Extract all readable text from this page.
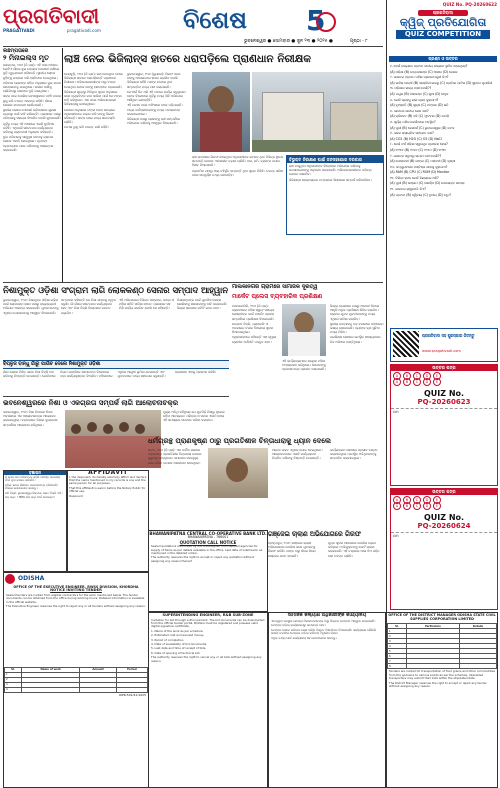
ପ୍ରଗତିବାଦୀ
PRAGATIVADI	pragativadi.com	ବିଶେଷ 5
ଭୁବନେଶ୍ୱର ● ସୋମବାର ● ଜୁନ ୨୩ ● ୨୦୨୫ ●	ପୃଷ୍ଠା - ୮
ଲଛମ୍ପତାରେ
୨ ମିନାଇଲ୍ସ ମୃତ

ଲଛମ୍ପତା, ୨୨ା୬ (ନି.ପ୍ର): ଏହି ଥାନା ଅଞ୍ଚଳର ଗୋଟିଏ ଗାଁରେ ଦୁଇ ନାବାଳକ ପୋଖରୀ ପାଣିରେ ବୁଡ଼ି ମୃତ୍ୟୁବରଣ କରିଛନ୍ତି। ସ୍ଥାନୀୟ ଲୋକେ ଦୁହିଙ୍କୁ ଉଦ୍ଧାର କରି ହସ୍ପିଟାଲ ନେଇଥିଲେ।

ପରିବାର ଲୋକଙ୍କ କହିବା ଅନୁସାରେ ଦୁଇ ବାଳକ ଗାଧୋଇବାକୁ ଯାଇଥିଲେ। ଗଭୀର ପାଣିକୁ ଚାଲିଯିବାରୁ ସେମାନେ ବୁଡ଼ି ଯାଇଥିଲେ।

ଖବର ପାଇ ପୋଲିସ ଘଟଣାସ୍ଥଳରେ ପହଞ୍ଚି ମାମଲା ରୁଜୁ କରି ତଦନ୍ତ ଆରମ୍ଭ କରିଛି। ଗାଁରେ ଶୋକର ବାତାବରଣ ଖେଳିଯାଇଛି।

ସ୍ଥାନୀୟ ଲୋକେ ପୋଖରୀ ଚାରିପାଖରେ ସୁରକ୍ଷା ବ୍ୟବସ୍ଥା ପାଇଁ ଦାବି କରିଛନ୍ତି। ପ୍ରଶାସନ ପକ୍ଷରୁ ପରିବାରକୁ ସହାୟତା ଦିଆଯିବ ବୋଲି କୁହାଯାଇଛି।

ପୂର୍ବରୁ ମଧ୍ୟ ଏହି ଅଞ୍ଚଳରେ ଏଭଳି ଦୁର୍ଘଟଣା ଘଟିଛି। ଏଥିପାଇଁ ସଚେତନତା କାର୍ଯ୍ୟକ୍ରମ କରିବାକୁ ଗ୍ରାମବାସୀ ଅନୁରୋଧ କରିଛନ୍ତି।

ଦୁଇ ପରିବାରକୁ ସାନ୍ତ୍ୱନା ଦେବାକୁ ଗ୍ରାମର ଲୋକେ ଏକାଠି ହୋଇଥିଲେ। ମୃତଦେହ ବ୍ୟବଚ୍ଛେଦ ପରେ ପରିବାରକୁ ହସ୍ତାନ୍ତର କରାଯାଇଛି।

ଲାଞ୍ଚ ନେଇ ଭିଜିଲାନ୍ସ ହାତରେ ଧରାପଡ଼ିଲେ ପ୍ରାଣଧାନ ନିରୀକ୍ଷକ

ବେଲାବୁଡ଼ି, ୨୨ା୬ (ନି.ପ୍ର): ଲାଞ୍ଚ ନେଉଥିବା ବେଳେ ଭିଜିଲାନ୍ସ ହାତରେ ଧରାପଡ଼ିଛନ୍ତି ପ୍ରାଣଧାନ ନିରୀକ୍ଷକ। ଅଭିଯୋଗକାରୀଙ୍କ ଠାରୁ ଟଙ୍କା ନେଉଥିବା ବେଳେ ତାଙ୍କୁ ହାତେହାତେ ଧରାଯାଇଛି।

ଭିଜିଲାନ୍ସ ସୂତ୍ରରୁ ମିଳିଥିବା ସୂଚନା ଅନୁସାରେ ଜଣେ ବ୍ୟକ୍ତିଙ୍କ କାମ ସାରିବା ପାଇଁ ସେ ଟଙ୍କା ଦାବି କରିଥିଲେ। ଏହା ପରେ ଅଭିଯୋଗକାରୀ ଭିଜିଲାନ୍ସକୁ ଜଣାଇଥିଲେ।

ଯୋଜନା ଅନୁସାରେ ଟଙ୍କା ଦେବା ସମୟରେ ଅଧିକାରୀମାନେ ଚଢ଼ାଉ କରି ତାଙ୍କୁ ଗିରଫ କରିଛନ୍ତି। ତାଙ୍କ ଘରେ ମଧ୍ୟ ଖାନତଲାସି ଚାଲିଛି।

ମାମଲା ରୁଜୁ କରି ତଦନ୍ତ ଜାରି ରହିଛି।

ଭୁବନେଶ୍ୱର, ୨୨ା୬ (ବ୍ୟୁରୋ): ଗିରଫ ପରେ ତାଙ୍କୁ ଆଦାଲତରେ ହାଜର କରାଯିବ ବୋଲି ଭିଜିଲାନ୍ସ କହିଛି। ତାଙ୍କ ନାମରେ ଥିବା ସମ୍ପତ୍ତିର ମଧ୍ୟ ଯାଞ୍ଚ କରାଯାଉଛି।

ସେ ଦୀର୍ଘ ଦିନ ଧରି ଏହି ପଦରେ କାର୍ଯ୍ୟ କରୁଥିଲେ। ତାଙ୍କ ବିରୋଧରେ ପୂର୍ବରୁ ମଧ୍ୟ କିଛି ଅଭିଯୋଗ ଆସିଥିବା ଜଣାପଡ଼ିଛି।

ଏହି ଘଟଣା ପରେ ଅଫିସରେ ଚହଳ ପଡ଼ିଯାଇଛି। ଅନ୍ୟ କର୍ମଚାରୀମାନଙ୍କୁ ମଧ୍ୟ ପଚରାଉଚରା କରାଯାଇପାରେ।

ଭିଜିଲାନ୍ସ ପକ୍ଷରୁ ଲୋକଙ୍କୁ ଲାଞ୍ଚ ସମ୍ପର୍କରେ ଅଭିଯୋଗ କରିବାକୁ ଆହ୍ୱାନ ଦିଆଯାଇଛି।

ଲାଞ୍ଚ ଘଟଣାରେ ଗିରଫ ହୋଇଥିବା ଅଧିକାରୀଙ୍କ ନାମରେ ଥିବା ବିଭିନ୍ନ ସ୍ଥାନର ସମ୍ପତ୍ତି ଉପରେ ଏକକାଳୀନ ଚଢ଼ାଉ ଚାଲିଛି। ଘର, ଜମି, ବ୍ୟାଙ୍କ ଜମାର ହିସାବ ନିଆଯାଉଛି।

ପ୍ରାଥମିକ ଯାଞ୍ଚରୁ ଆୟ ବହିର୍ଭୂତ ସମ୍ପତ୍ତି ଥିବା ସୂଚନା ମିଳିଛି। ତଦନ୍ତ ସରିବା ପରେ ସମ୍ପୂର୍ଣ୍ଣ ତଥ୍ୟ ଜଣାପଡ଼ିବ।

ବିଭୁକ୍ତ ନିରୀକ୍ଷଣ ପାଇଁ ଜନସହଯୋଗ ଦରକାର

ଲାଞ୍ଚ ମାଗୁଥିବା ଅଧିକାରୀଙ୍କ ବିରୋଧରେ ଅଭିଯୋଗ କରିବାକୁ ଜନସାଧାରଣଙ୍କୁ ଅନୁରୋଧ କରାଯାଇଛି। ଅଭିଯୋଗକାରୀଙ୍କ ପରିଚୟ ଗୋପନ ରଖାଯିବ।

ଭିଜିଲାନ୍ସ ହେଲ୍ପଲାଇନ ନମ୍ବରରେ ସିଧାସଳଖ ସମ୍ପର୍କ କରିପାରିବେ।

ନିଶାମୁକ୍ତ ଓଡ଼ିଶା ସଂଗ୍ରାମ ଲାଗି ଲୋକକଣ୍ଠ ସେନାର ସମ୍ପାଦ ଆହ୍ୱାନ

ଭୁବନେଶ୍ୱର, ୨୨ା୬: ନିଶାମୁକ୍ତ ଓଡ଼ିଶା ଗଢ଼ିବା ପାଇଁ ଲୋକକଣ୍ଠ ସେନା ପକ୍ଷରୁ ରାଜ୍ୟବ୍ୟାପୀ ଅଭିଯାନ ଆରମ୍ଭ କରାଯାଇଛି। ଯୁବକମାନଙ୍କୁ ଏଥିରେ ଯୋଗଦେବାକୁ ଆହ୍ୱାନ ଦିଆଯାଇଛି।

ସମ୍ପାଦକ କହିଛନ୍ତି ଯେ ନିଶା ସମାଜକୁ ଧ୍ୱଂସ କରୁଛି। ଗାଁ ଗାଁରେ ସଚେତନତା କାର୍ଯ୍ୟକ୍ରମ ହେବ ଏବଂ ନିଶା ବିକ୍ରି ବିରୋଧରେ ଜନମତ ଗଢ଼ାଯିବ।

ଏହି ଅଭିଯାନରେ ବିଭିନ୍ନ ସଙ୍ଗଠନ, ଛାତ୍ର ଓ ମହିଳା ସମିତି ସାମିଲ ହେବେ। ପ୍ରଶାସନ ସହ ମିଶି କାର୍ଯ୍ୟ କରାଯିବ ବୋଲି ସେ କହିଛନ୍ତି।

ନିଶାସକ୍ତଙ୍କ ପାଇଁ ପୁନର୍ବାସ କେନ୍ଦ୍ର ଖୋଲିବାକୁ ସରକାରଙ୍କୁ ଦାବି କରାଯାଇଛି। ଜିଲ୍ଲା ସ୍ତରରେ କମିଟି ଗଠନ ହେବ।

ବିପ୍ଳୁଜ ବାନ୍ଧୁ ଗାଁରୁ ପାଉଁଚ ଦେଲେ ନିଶାମୁକ୍ତ ଓଡ଼ିଶା

ଗାଁର ଲୋକେ ମିଳିତ ଭାବେ ନିଶା ବିକ୍ରି ବନ୍ଦ କରିବାକୁ ନିଷ୍ପତ୍ତି ନେଇଛନ୍ତି। ଯେଉଁମାନେ ନିୟମ ଭାଙ୍ଗିବେ ସେମାନଙ୍କ ବିରୋଧରେ କଡ଼ା କାର୍ଯ୍ୟାନୁଷ୍ଠାନ ନିଆଯିବ। ମହିଳାମାନେ ଏଥିରେ ଆଗୁଆ ଭୂମିକା ନେଇଛନ୍ତି ଏବଂ ଯୁବକମାନେ ମଧ୍ୟ ସହଯୋଗ କରୁଛନ୍ତି। ପ୍ରଶାସନ ଏହାକୁ ପ୍ରଶଂସା କରିଛି।

ମାଲକାନଗିରି ଗ୍ରାମରେ ସାମାଜିକ ଦୂରତ୍ୱ
ମାର୍କେଟ ପ୍ଲେସ ବ୍ୟବହାରିକ ପ୍ରଶିକ୍ଷଣ

ମାଲକାନଗିରି, ୨୨ା୬ (ନି.ପ୍ର): ଗ୍ରାମାଞ୍ଚଳର ମହିଳା ସ୍ୱୟଂ ସହାୟକ ଗୋଷ୍ଠୀଙ୍କ ପାଇଁ ମାର୍କେଟ ପ୍ଲେସ ସମ୍ପର୍କରେ ପ୍ରଶିକ୍ଷଣ ଦିଆଯାଇଛି।

ଉତ୍ପାଦ ବିକ୍ରି, ପ୍ୟାକେଜିଂ ଓ ଅନଲାଇନ ବଜାର ବିଷୟରେ ସୂଚନା ଦିଆଯାଇଥିଲା।

ଅଧିକାରୀମାନେ କହିଛନ୍ତି ଏହା ଦ୍ୱାରା ଗ୍ରାମୀଣ ଅର୍ଥନୀତି ମଜବୁତ ହେବ।

ଏହି କାର୍ଯ୍ୟକ୍ରମରେ ଶତାଧିକ ମହିଳା ଅଂଶଗ୍ରହଣ କରିଥିଲେ। ସେମାନଙ୍କୁ ପ୍ରମାଣପତ୍ର ପ୍ରଦାନ କରାଯାଇଛି।

ଜିଲ୍ଲା ପ୍ରଶାସନ ପକ୍ଷରୁ ଆଗାମୀ ଦିନରେ ଆହୁରି ଅଧିକ ପ୍ରଶିକ୍ଷଣ ଶିବିର କରାଯିବ। ଗ୍ରାମର ଯୁବକ ଯୁବତୀମାନଙ୍କୁ ମଧ୍ୟ ଏଥିରେ ସାମିଲ କରାଯିବ।

ସ୍ଥାନୀୟ ଉତ୍ପାଦକୁ ବଡ଼ ବଜାରରେ ପହଞ୍ଚାଇବା ଲକ୍ଷ୍ୟ ରଖାଯାଇଛି। ବ୍ୟାଙ୍କ ଋଣ ସୁବିଧା ମଧ୍ୟ ମିଳିବ।

ପ୍ରଶିକ୍ଷଣ ଶେଷରେ ଉପସ୍ଥିତ ସଦସ୍ୟମାନେ ନିଜ ଅଭିଜ୍ଞତା ବାଣ୍ଟିଥିଲେ।

ଭବନେଶ୍ୱରରେ ନିଶା ଓ ଏକଗ୍ରତା ସମ୍ପର୍କ ଲାଗି ଆଲୋଚନାଚକ୍ର

ଭବନେଶ୍ୱର, ୨୨ା୬: ନିଶା ନିବାରଣ ଦିବସ ଅବସରରେ ଏକ ଆଲୋଚନାଚକ୍ର ଆୟୋଜନ କରାଯାଇଥିଲା। ବକ୍ତାମାନେ ନିଶାର କୁପ୍ରଭାବ ସମ୍ପର୍କରେ ଆଲୋଚନା କରିଥିଲେ।

ମୁଖ୍ୟ ଅତିଥି କହିଥିଲେ ଯେ ଯୁବପିଢ଼ି ନିଶାରୁ ଦୂରେଇ ରହିବା ଆବଶ୍ୟକ। ପରିବାର ଓ ସମାଜ ଏକାଠି ହୋଇ ଏହି ସମସ୍ୟାର ସମାଧାନ କରିବା ଦରକାର।

ଧର୍ମଗ୍ରନ୍ଥ ପ୍ରାଣକୃଷ୍ଣ ଠାରୁ ପ୍ରଗତିଶୀଳ ଚିନ୍ତାଧାରାକୁ ଧ୍ୟାନ ଦେଲେ

କଟକ, ୨୨ା୬ (ନି.ପ୍ର): ଏକ ଧାର୍ମିକ ସଭାରେ ବକ୍ତାମାନେ ପ୍ରଗତିଶୀଳ ଚିନ୍ତାଧାରା ଉପରେ ଗୁରୁତ୍ୱ ଦେଇଥିଲେ। ସମାଜରେ ସମନ୍ୱୟ ରକ୍ଷା କରିବା ଉପରେ ଆଲୋଚନା ହୋଇଥିଲା।

ଅନେକ ଭକ୍ତ ଏଥିରେ ଯୋଗ ଦେଇଥିଲେ। ଆୟୋଜକମାନେ ଏଭଳି କାର୍ଯ୍ୟକ୍ରମ ନିୟମିତ କରିବାକୁ ନିଷ୍ପତ୍ତି ନେଇଛନ୍ତି।

କାର୍ଯ୍ୟକ୍ରମ ଶେଷରେ ପ୍ରସାଦ ବଣ୍ଟନ କରାଯାଇଥିଲା। ଉପସ୍ଥିତ ଅତିଥିମାନଙ୍କୁ ସମ୍ମାନିତ କରାଯାଇଥିଲା।

ବିଜ୍ଞାପନ

ମୁଁ ମୋର ନାମ ପରିବର୍ତ୍ତନ କରିଛି। ସମସ୍ତ ଉଦ୍ଦେଶ୍ୟ ପାଇଁ ନୂଆ ନାମରେ ଜଣାଯିବି।

ହଜିଲା: ମୋର ଶିକ୍ଷାଗତ ପ୍ରମାଣପତ୍ର ହଜିଯାଇଛି। ମିଳିଲେ ଯୋଗାଯୋଗ କରନ୍ତୁ।

ଜମି ବିକ୍ରି: ଭୁବନେଶ୍ୱର ନିକଟରେ ପ୍ଲଟ ବିକ୍ରି ଅଛି।

ଘର ଭଡ଼ା: ୨ BHK ଘର ଭଡ଼ା ପାଇଁ ଉପଲବ୍ଧ।

AFFIDAVIT

I, the deponent, do hereby solemnly affirm and declare that the name mentioned in my records is one and the same person for all purposes.

That this affidavit is sworn before the Notary Public for official use.

Deponent

BHAWANIPATNA CENTRAL CO-OPERATIVE BANK LTD.
BHAWANIPATNA - 766001
QUOTATION CALL NOTICE

Sealed quotations are invited by the undersigned from reputed agencies for supply of items as per details available in the office. Last date of submission as mentioned in the detailed notice.

The authority reserves the right to accept or reject any quotation without assigning any reason thereof.

ଗଞ୍ଜେଇ ଚାଲାଣ ଅଭିଯୋଗରେ ଗିରଫ

ବ୍ରହ୍ମପୁର, ୨୨ା୬: ଗଞ୍ଜେଇ ଚାଲାଣ ଅଭିଯୋଗରେ ପୋଲିସ ଜଣେ ଯୁବକଙ୍କୁ ଗିରଫ କରିଛି। ତାଙ୍କ ଠାରୁ କିଲୋ କିଲୋ ଗଞ୍ଜେଇ ଜବତ ହୋଇଛି।

ଗୁପ୍ତ ସୂଚନା ଆଧାରରେ ପୋଲିସ ଚଢ଼ାଉ କରିଥିଲା। ଅଭିଯୁକ୍ତଙ୍କୁ କୋର୍ଟ ଚାଲାଣ କରାଯାଇଛି। ଏହି ଚକ୍ରରେ ଆଉ କିଏ ଜଡ଼ିତ ତାହା ତଦନ୍ତ ଚାଲିଛି।

ODISHA
OFFICE OF THE EXECUTIVE ENGINEER, RWSS DIVISION, KHORDHA
NOTICE INVITING TENDER

Sealed tenders are invited from eligible contractors for the work mentioned below. The tender documents can be obtained from the office during working hours. Detailed information is available in the official website.

The Executive Engineer reserves the right to reject any or all tenders without assigning any reason.

Sl.	Name of work	Amount	Period
1			
2			
3			
4			
OIPR-501/41/1025
SUPERINTENDING ENGINEER, R&B SUB-ZONE

Invitation for bid through e-Procurement. The bid documents can be downloaded from the official tender portal. Bidders must be registered and possess valid digital signature certificate.

1. Name of the work as per schedule.

2. Estimated cost and earnest money.

3. Period of completion.

4. Date of availability of bid documents.

5. Last date and time of receipt of bids.

6. Date of opening of technical bid.

The authority reserves the right to cancel any or all bids without assigning any reason.

ସାମାଜିକ କଲ୍ୟାଣ ଅଧିକାରୀଙ୍କ କାର୍ଯ୍ୟାଳୟ

ଏତଦ୍ୱାରା ଇଚ୍ଛୁକ ଯୋଗ୍ୟ ଠିକାଦାରମାନଙ୍କ ଠାରୁ ସିଲ୍‌ବନ୍ଦ ଟେଣ୍ଡର ଆହ୍ୱାନ କରାଯାଉଛି। ଟେଣ୍ଡର ଦଲିଲ କାର୍ଯ୍ୟାଳୟରୁ ଉପଲବ୍ଧ ହେବ।

ଟେଣ୍ଡର ଦାଖଲ କରିବାର ଶେଷ ତାରିଖ ବିସ୍ତୃତ ବିଜ୍ଞପ୍ତିରେ ଦିଆଯାଇଛି। କାର୍ଯ୍ୟାଳୟ କୌଣସି କାରଣ ନଦର୍ଶାଇ ଟେଣ୍ଡର ବାତିଲ କରିବାର ଅଧିକାର ରଖେ।

ଅଧିକ ତଥ୍ୟ ପାଇଁ କାର୍ଯ୍ୟାଳୟ ସହ ଯୋଗାଯୋଗ କରନ୍ତୁ।

QUIZ No. PQ-20260622
ପ୍ରଗତିବାଦୀ
କ୍ୱିଜ୍ ପ୍ରତିଯୋଗିତା
QUIZ COMPETITION
ପ୍ରଶ୍ନ ଓ ଉତ୍ତର

୧. କେଉଁ ରାଜ୍ୟରେ ପ୍ରଥମ ଜାତୀୟ ଉଦ୍ୟାନ ସ୍ଥାପିତ ହୋଇଥିଲା?

(A) ଓଡ଼ିଶା (B) ଉତ୍ତରାଖଣ୍ଡ (C) ଆସାମ (D) କେରଳ

୨. ଭାରତର ପ୍ରଥମ ମହିଳା ପ୍ରଧାନମନ୍ତ୍ରୀ କିଏ?

(A) ଇନ୍ଦିରା ଗାନ୍ଧୀ (B) ସରୋଜିନୀ ନାଇଡୁ (C) ପ୍ରତିଭା ପାଟିଲ (D) ସୁଚେତା କୃପାଳିନୀ

୩. ଓଡ଼ିଶାର ରାଜ୍ୟ ପକ୍ଷୀ କେଉଁଟି?

(A) ମୟୂର (B) ନୀଳକଣ୍ଠ (C) ଶୁଆ (D) ଡାହୁକ

୪. କେଉଁ ଗ୍ରହକୁ ଲାଲ ଗ୍ରହ କୁହାଯାଏ?

(A) ବୃହସ୍ପତି (B) ଶୁକ୍ର (C) ମଙ୍ଗଳ (D) ଶନି

୫. ଭାରତର ଜାତୀୟ ଖେଳ କଣ?

(A) କ୍ରିକେଟ (B) ହକି (C) ଫୁଟବଲ (D) କବାଡ଼ି

୬. ସୂର୍ଯ୍ୟ ମନ୍ଦିର କେଉଁଠାରେ ଅବସ୍ଥିତ?

(A) ପୁରୀ (B) କୋଣାର୍କ (C) ଭୁବନେଶ୍ୱର (D) କଟକ

୭. ଜଳର ରାସାୟନିକ ସଙ୍କେତ କଣ?

(A) CO2 (B) H2O (C) O2 (D) NaCl

୮. କେଉଁ ବର୍ଷ ଓଡ଼ିଶା ସ୍ୱତନ୍ତ୍ର ପ୍ରଦେଶ ହେଲା?

(A) ୧୯୩୬ (B) ୧୯୪୭ (C) ୧୯୫୦ (D) ୧୯୩୨

୯. ଭାରତର ସବୁଠାରୁ ଲମ୍ବା ନଦୀ କେଉଁଟି?

(A) ଗୋଦାବରୀ (B) ଗଙ୍ଗା (C) ମହାନଦୀ (D) କୃଷ୍ଣା

୧୦. କମ୍ପ୍ୟୁଟରର ମସ୍ତିଷ୍କ କାହାକୁ କୁହାଯାଏ?

(A) RAM (B) CPU (C) ROM (D) Monitor

୧୧. ଚିଲିକା ହ୍ରଦ କେଉଁ ଜିଲ୍ଲାରେ ଅଛି?

(A) ପୁରୀ (B) ଗଞ୍ଜାମ (C) ଖୋର୍ଦ୍ଧା (D) ଉପରୋକ୍ତ ସମସ୍ତ

୧୨. ଭାରତର ରାଷ୍ଟ୍ରପତି କିଏ?

(A) ପ୍ରଥମ (B) ଦ୍ୱିତୀୟ (C) ତୃତୀୟ (D) ଚତୁର୍ଥ

ପ୍ରଗତିବାଦୀ ସହ ପୁରସ୍କାର ଜିତନ୍ତୁ
www.pragativadi.com
ଉତ୍ତର ପତ୍ର
A	B	C	D	E
A	B	C	D	E
QUIZ No.
PQ-20260623
ନାମ
ଉତ୍ତର ପତ୍ର
A	B	C	D	E
A	B	C	D	E
QUIZ No.
PQ-20260624
ନାମ
OFFICE OF THE DISTRICT MANAGER ODISHA STATE CIVIL SUPPLIES CORPORATION LIMITED
Sl.	Particulars	Details
1		
2		
3		
4		
5		
6		
7		
8		

Tenders are invited for transportation of food grains and other commodities from the godowns to various points as per the schedule. Interested transporters may submit their bids within the stipulated date.

The District Manager reserves the right to accept or reject any tender without assigning any reason.
